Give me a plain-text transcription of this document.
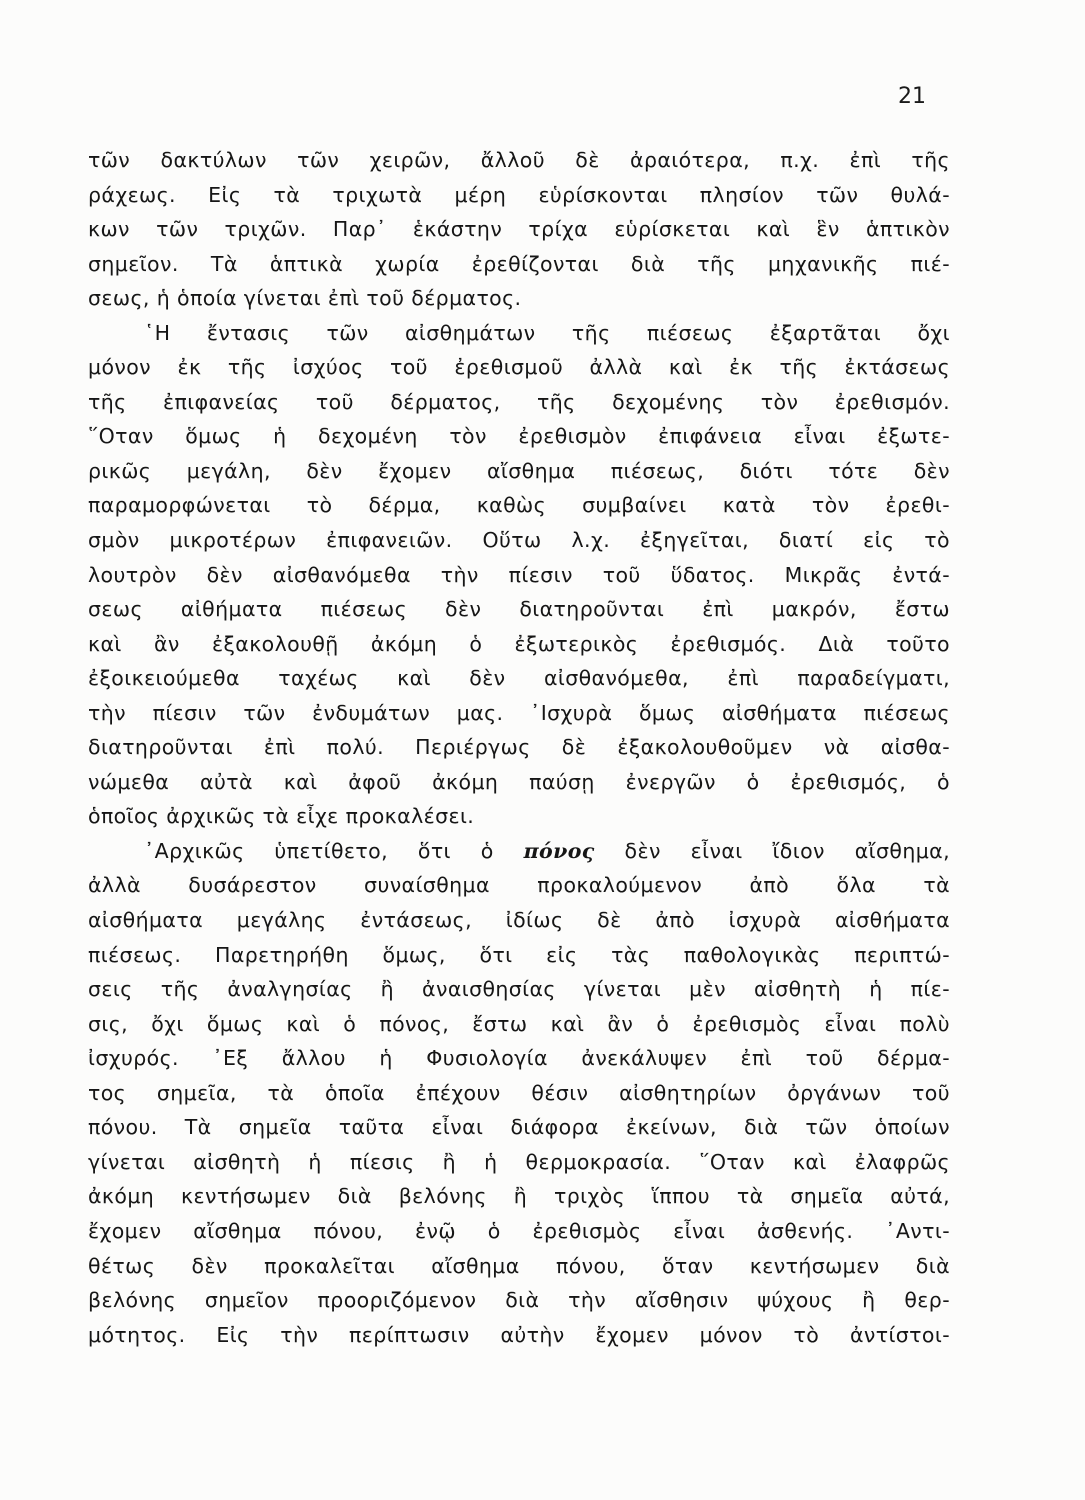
21
τῶν δακτύλων τῶν χειρῶν, ἄλλοῦ δὲ ἀραιότερα, π.χ. ἐπὶ τῆς
ράχεως. Εἰς τὰ τριχωτὰ μέρη εὑρίσκονται πλησίον τῶν θυλά-
κων τῶν τριχῶν. Παρ᾽ ἑκάστην τρίχα εὑρίσκεται καὶ ἓν ἁπτικὸν
σημεῖον. Τὰ ἁπτικὰ χωρία ἐρεθίζονται διὰ τῆς μηχανικῆς πιέ-
σεως, ἡ ὁποία γίνεται ἐπὶ τοῦ δέρματος.
῾Η ἔντασις τῶν αἰσθημάτων τῆς πιέσεως ἐξαρτᾶται ὄχι
μόνον ἐκ τῆς ἰσχύος τοῦ ἐρεθισμοῦ ἀλλὰ καὶ ἐκ τῆς ἐκτάσεως
τῆς ἐπιφανείας τοῦ δέρματος, τῆς δεχομένης τὸν ἐρεθισμόν.
῞Οταν ὅμως ἡ δεχομένη τὸν ἐρεθισμὸν ἐπιφάνεια εἶναι ἐξωτε-
ρικῶς μεγάλη, δὲν ἔχομεν αἴσθημα πιέσεως, διότι τότε δὲν
παραμορφώνεται τὸ δέρμα, καθὼς συμβαίνει κατὰ τὸν ἐρεθι-
σμὸν μικροτέρων ἐπιφανειῶν. Οὕτω λ.χ. ἐξηγεῖται, διατί εἰς τὸ
λουτρὸν δὲν αἰσθανόμεθα τὴν πίεσιν τοῦ ὕδατος. Μικρᾶς ἐντά-
σεως αἰθήματα πιέσεως δὲν διατηροῦνται ἐπὶ μακρόν, ἔστω
καὶ ἂν ἐξακολουθῇ ἀκόμη ὁ ἐξωτερικὸς ἐρεθισμός. Διὰ τοῦτο
ἐξοικειούμεθα ταχέως καὶ δὲν αἰσθανόμεθα, ἐπὶ παραδείγματι,
τὴν πίεσιν τῶν ἐνδυμάτων μας. ᾽Ισχυρὰ ὅμως αἰσθήματα πιέσεως
διατηροῦνται ἐπὶ πολύ. Περιέργως δὲ ἐξακολουθοῦμεν νὰ αἰσθα-
νώμεθα αὐτὰ καὶ ἀφοῦ ἀκόμη παύσῃ ἐνεργῶν ὁ ἐρεθισμός, ὁ
ὁποῖος ἀρχικῶς τὰ εἶχε προκαλέσει.
᾽Αρχικῶς ὑπετίθετο, ὅτι ὁ πόνος δὲν εἶναι ἴδιον αἴσθημα,
ἀλλὰ δυσάρεστον συναίσθημα προκαλούμενον ἀπὸ ὅλα τὰ
αἰσθήματα μεγάλης ἐντάσεως, ἰδίως δὲ ἀπὸ ἰσχυρὰ αἰσθήματα
πιέσεως. Παρετηρήθη ὅμως, ὅτι εἰς τὰς παθολογικὰς περιπτώ-
σεις τῆς ἀναλγησίας ἢ ἀναισθησίας γίνεται μὲν αἰσθητὴ ἡ πίε-
σις, ὄχι ὅμως καὶ ὁ πόνος, ἔστω καὶ ἂν ὁ ἐρεθισμὸς εἶναι πολὺ
ἰσχυρός. ᾽Εξ ἄλλου ἡ Φυσιολογία ἀνεκάλυψεν ἐπὶ τοῦ δέρμα-
τος σημεῖα, τὰ ὁποῖα ἐπέχουν θέσιν αἰσθητηρίων ὀργάνων τοῦ
πόνου. Τὰ σημεῖα ταῦτα εἶναι διάφορα ἐκείνων, διὰ τῶν ὁποίων
γίνεται αἰσθητὴ ἡ πίεσις ἢ ἡ θερμοκρασία. ῞Οταν καὶ ἐλαφρῶς
ἀκόμη κεντήσωμεν διὰ βελόνης ἢ τριχὸς ἵππου τὰ σημεῖα αὐτά,
ἔχομεν αἴσθημα πόνου, ἐνῷ ὁ ἐρεθισμὸς εἶναι ἀσθενής. ᾽Αντι-
θέτως δὲν προκαλεῖται αἴσθημα πόνου, ὅταν κεντήσωμεν διὰ
βελόνης σημεῖον προοριζόμενον διὰ τὴν αἴσθησιν ψύχους ἢ θερ-
μότητος. Εἰς τὴν περίπτωσιν αὐτὴν ἔχομεν μόνον τὸ ἀντίστοι-
